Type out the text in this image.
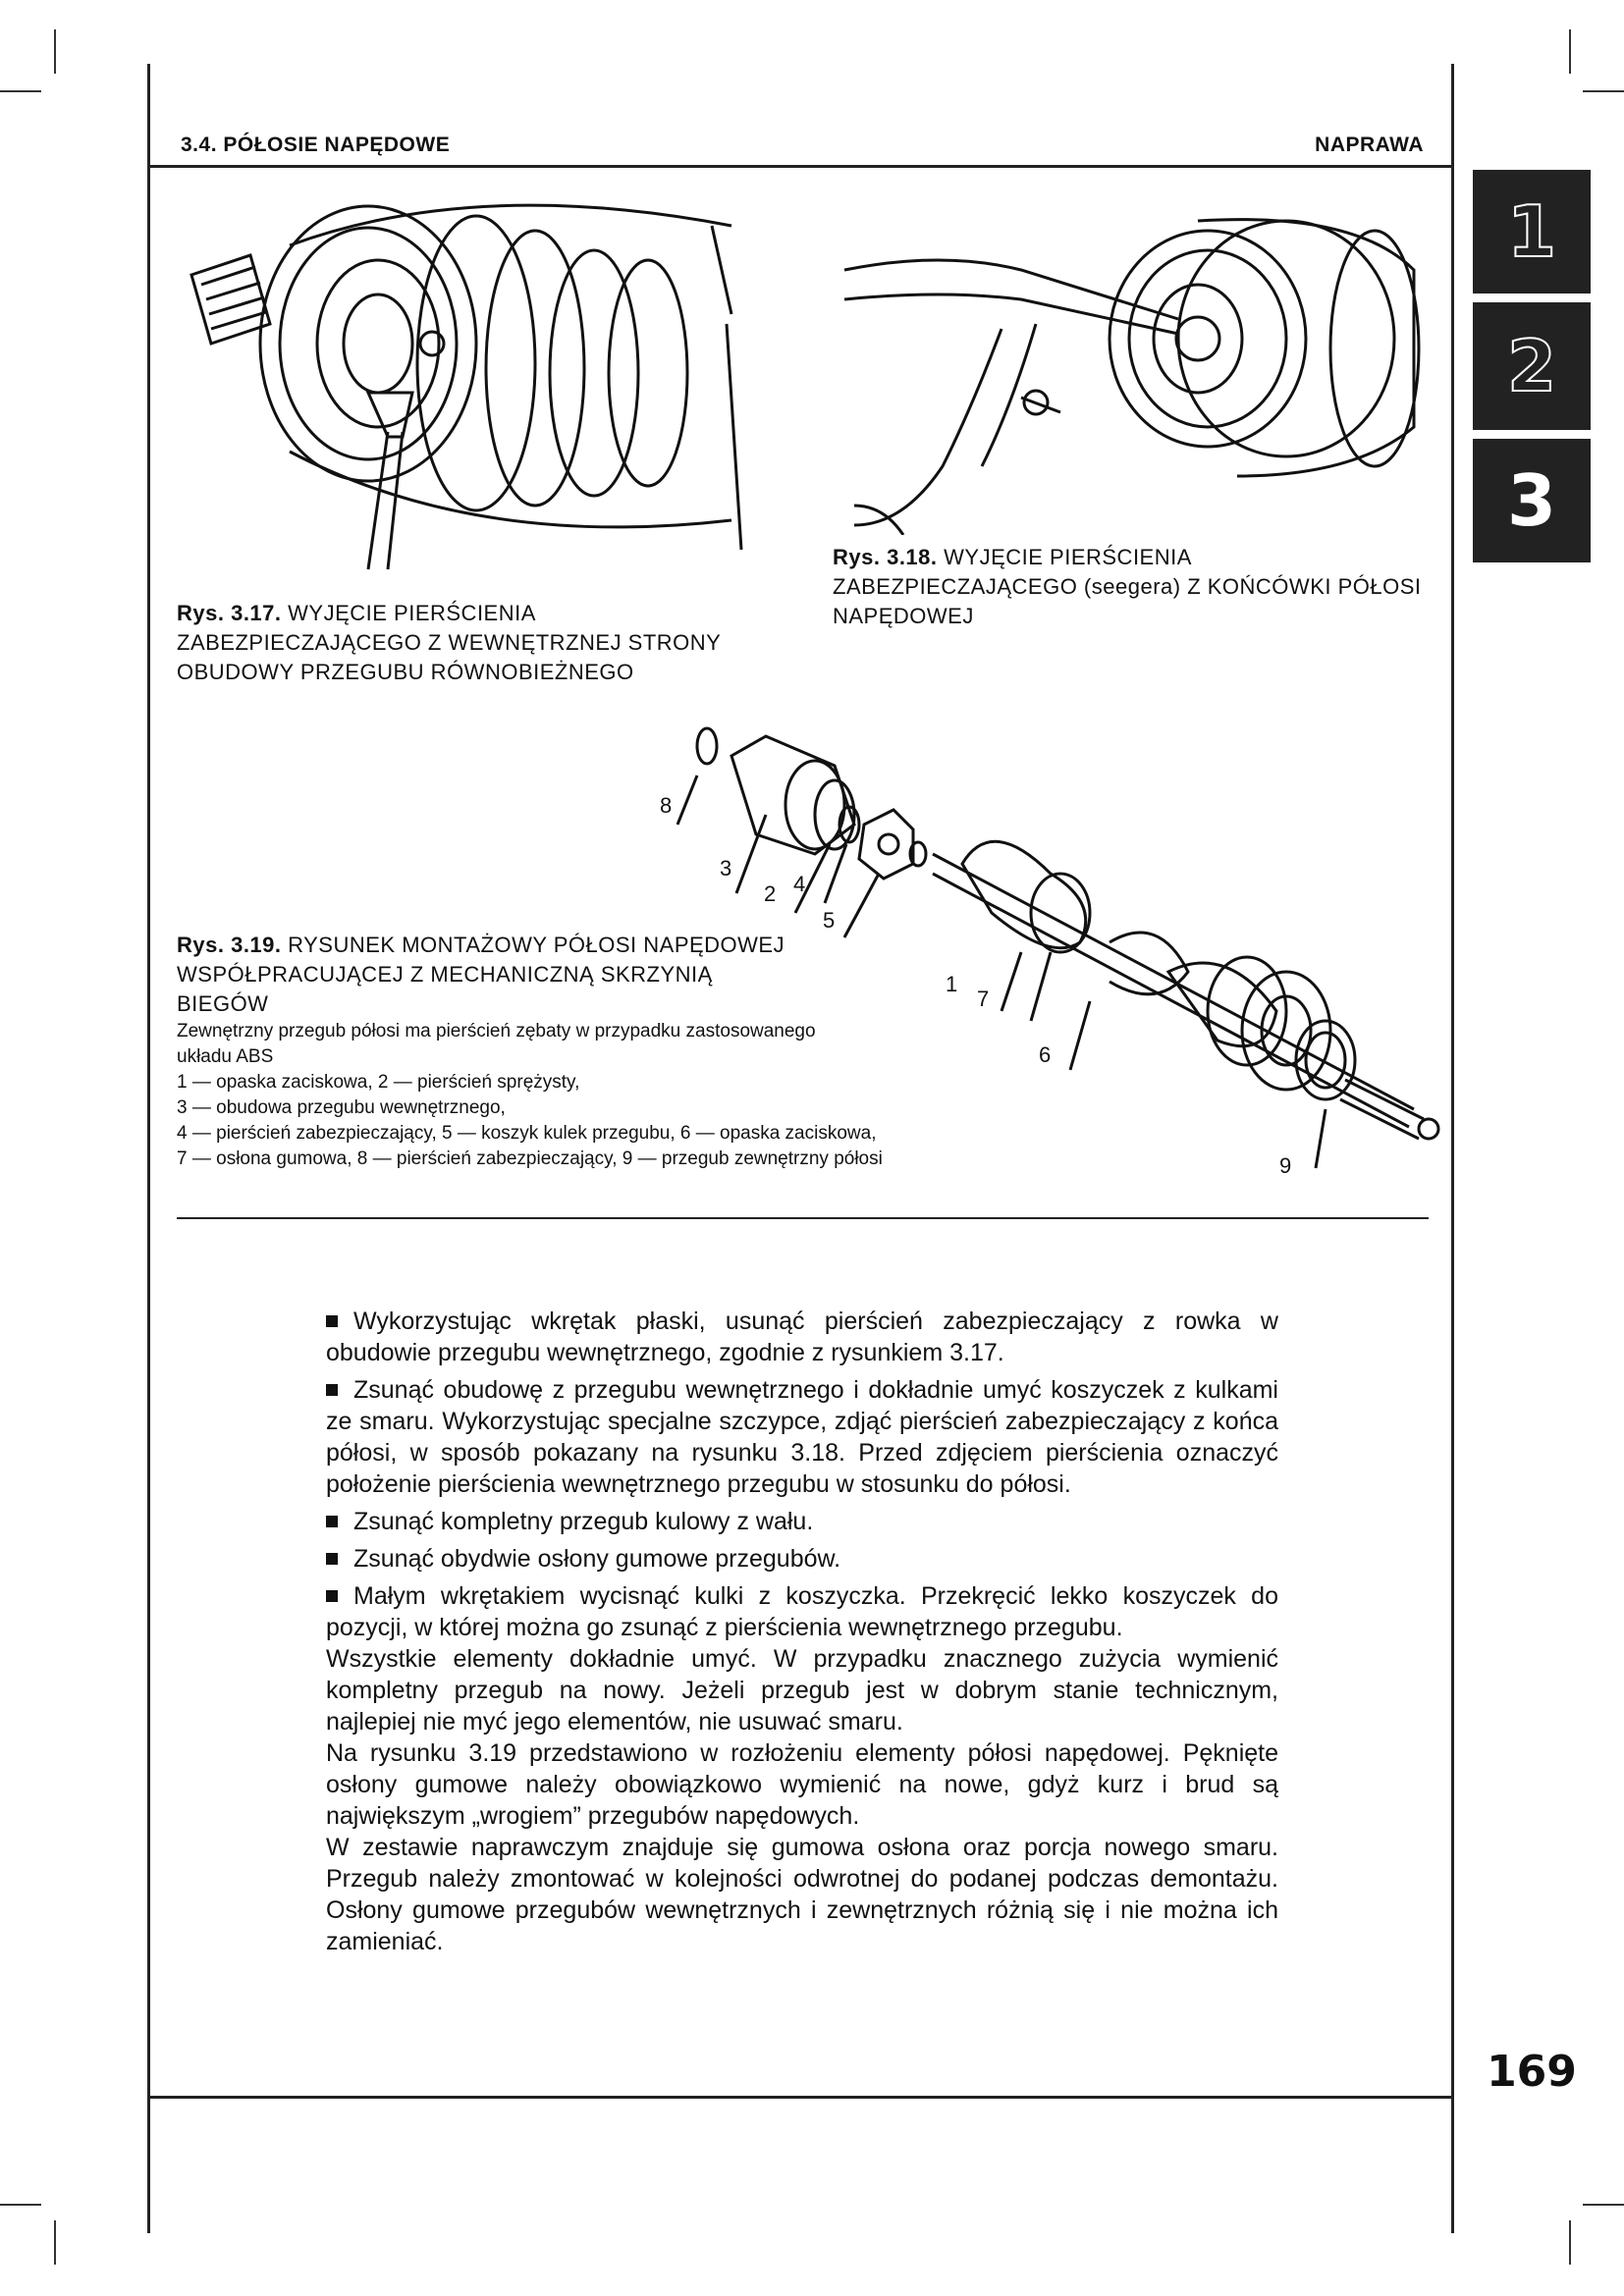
3.4. PÓŁOSIE NAPĘDOWE	NAPRAWA
1
2
3
8
3
2 4
5
1
7
6
9
Rys. 3.17. WYJĘCIE PIERŚCIENIA ZABEZPIECZAJĄCEGO Z WEWNĘTRZNEJ STRONY OBUDOWY PRZEGUBU RÓWNOBIEŻNEGO
Rys. 3.18. WYJĘCIE PIERŚCIENIA ZABEZPIECZAJĄCEGO (seegera) Z KOŃCÓWKI PÓŁOSI NAPĘDOWEJ
Rys. 3.19. RYSUNEK MONTAŻOWY PÓŁOSI NAPĘDOWEJ WSPÓŁPRACUJĄCEJ Z MECHANICZNĄ SKRZYNIĄ BIEGÓW
Zewnętrzny przegub półosi ma pierścień zębaty w przypadku zastosowanego układu ABS
1 — opaska zaciskowa, 2 — pierścień sprężysty,
3 — obudowa przegubu wewnętrznego,
4 — pierścień zabezpieczający, 5 — koszyk kulek przegubu, 6 — opaska zaciskowa,
7 — osłona gumowa, 8 — pierścień zabezpieczający, 9 — przegub zewnętrzny półosi

Wykorzystując wkrętak płaski, usunąć pierścień zabezpieczający z rowka w obudowie przegubu wewnętrznego, zgodnie z rysunkiem 3.17.

Zsunąć obudowę z przegubu wewnętrznego i dokładnie umyć koszyczek z kulkami ze smaru. Wykorzystując specjalne szczypce, zdjąć pierścień zabezpieczający z końca półosi, w sposób pokazany na rysunku 3.18. Przed zdjęciem pierścienia oznaczyć położenie pierścienia wewnętrznego przegubu w stosunku do półosi.

Zsunąć kompletny przegub kulowy z wału.

Zsunąć obydwie osłony gumowe przegubów.

Małym wkrętakiem wycisnąć kulki z koszyczka. Przekręcić lekko koszyczek do pozycji, w której można go zsunąć z pierścienia wewnętrznego przegubu.

Wszystkie elementy dokładnie umyć. W przypadku znacznego zużycia wymienić kompletny przegub na nowy. Jeżeli przegub jest w dobrym stanie technicznym, najlepiej nie myć jego elementów, nie usuwać smaru.

Na rysunku 3.19 przedstawiono w rozłożeniu elementy półosi napędowej. Pęknięte osłony gumowe należy obowiązkowo wymienić na nowe, gdyż kurz i brud są największym „wrogiem” przegubów napędowych.

W zestawie naprawczym znajduje się gumowa osłona oraz porcja nowego smaru. Przegub należy zmontować w kolejności odwrotnej do podanej podczas demontażu. Osłony gumowe przegubów wewnętrznych i zewnętrznych różnią się i nie można ich zamieniać.

169
